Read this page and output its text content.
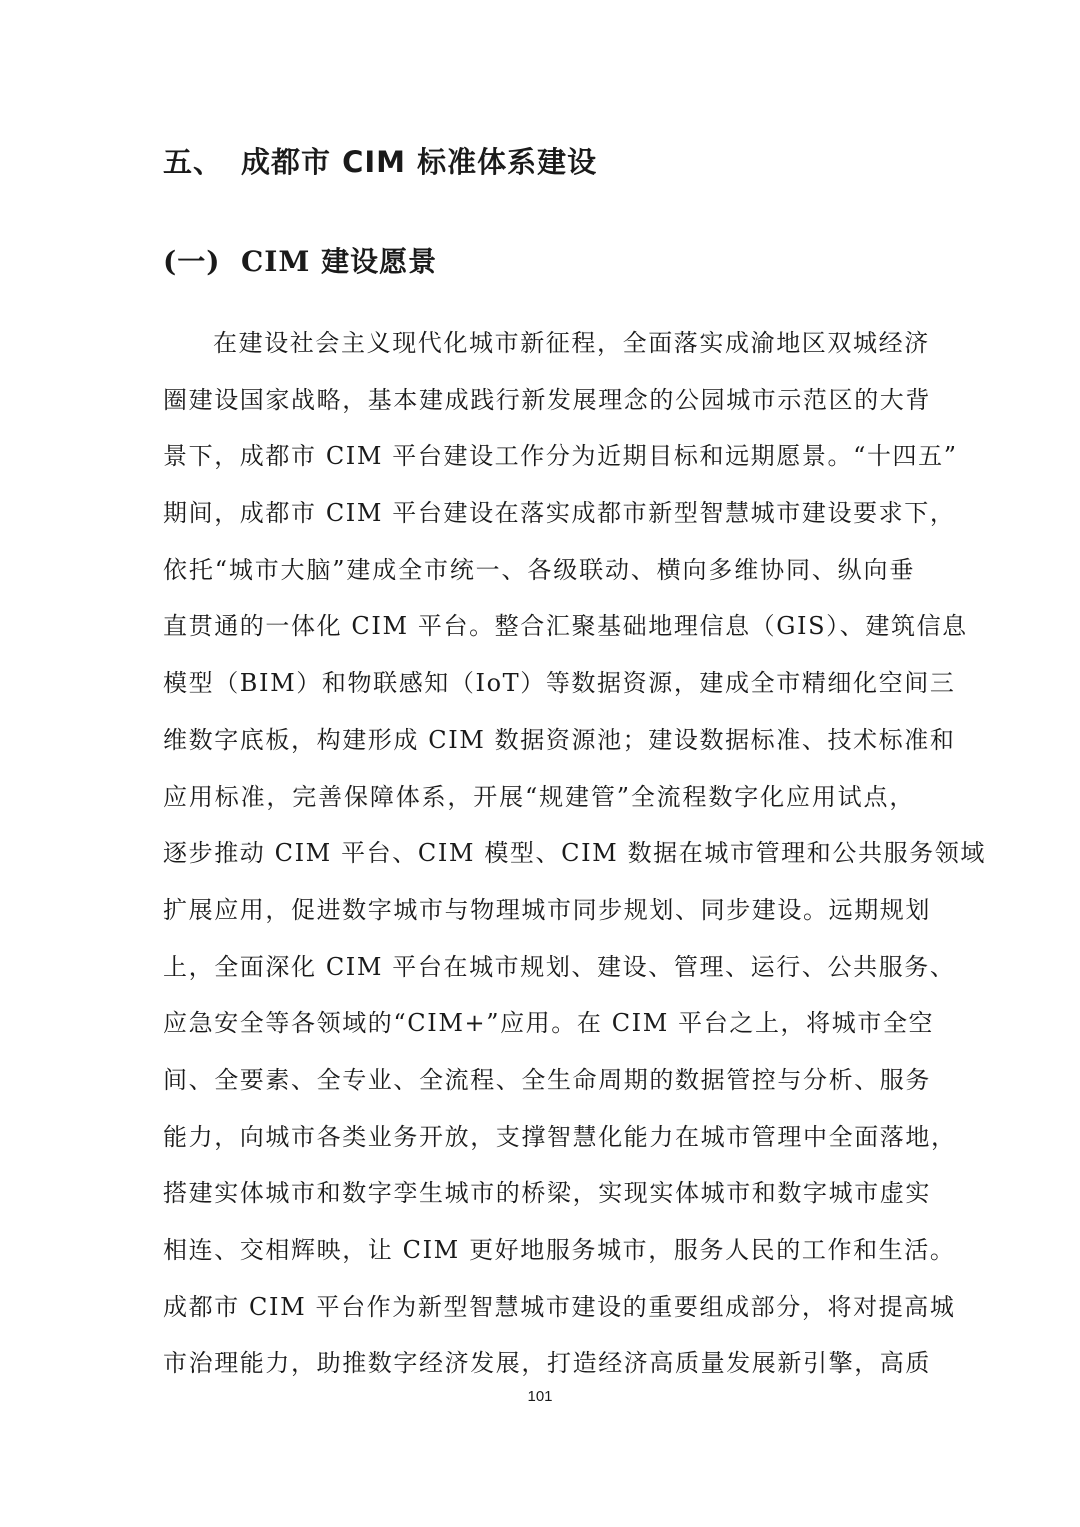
五、 成都市 CIM 标准体系建设
(一) CIM 建设愿景
在建设社会主义现代化城市新征程，全面落实成渝地区双城经济
圈建设国家战略，基本建成践行新发展理念的公园城市示范区的大背
景下，成都市 CIM 平台建设工作分为近期目标和远期愿景。“十四五”
期间，成都市 CIM 平台建设在落实成都市新型智慧城市建设要求下，
依托“城市大脑”建成全市统一、各级联动、横向多维协同、纵向垂
直贯通的一体化 CIM 平台。整合汇聚基础地理信息（GIS）、建筑信息
模型（BIM）和物联感知（IoT）等数据资源，建成全市精细化空间三
维数字底板，构建形成 CIM 数据资源池；建设数据标准、技术标准和
应用标准，完善保障体系，开展“规建管”全流程数字化应用试点，
逐步推动 CIM 平台、CIM 模型、CIM 数据在城市管理和公共服务领域
扩展应用，促进数字城市与物理城市同步规划、同步建设。远期规划
上，全面深化 CIM 平台在城市规划、建设、管理、运行、公共服务、
应急安全等各领域的“CIM+”应用。在 CIM 平台之上，将城市全空
间、全要素、全专业、全流程、全生命周期的数据管控与分析、服务
能力，向城市各类业务开放，支撑智慧化能力在城市管理中全面落地，
搭建实体城市和数字孪生城市的桥梁，实现实体城市和数字城市虚实
相连、交相辉映，让 CIM 更好地服务城市，服务人民的工作和生活。
成都市 CIM 平台作为新型智慧城市建设的重要组成部分，将对提高城
市治理能力，助推数字经济发展，打造经济高质量发展新引擎，高质
101
